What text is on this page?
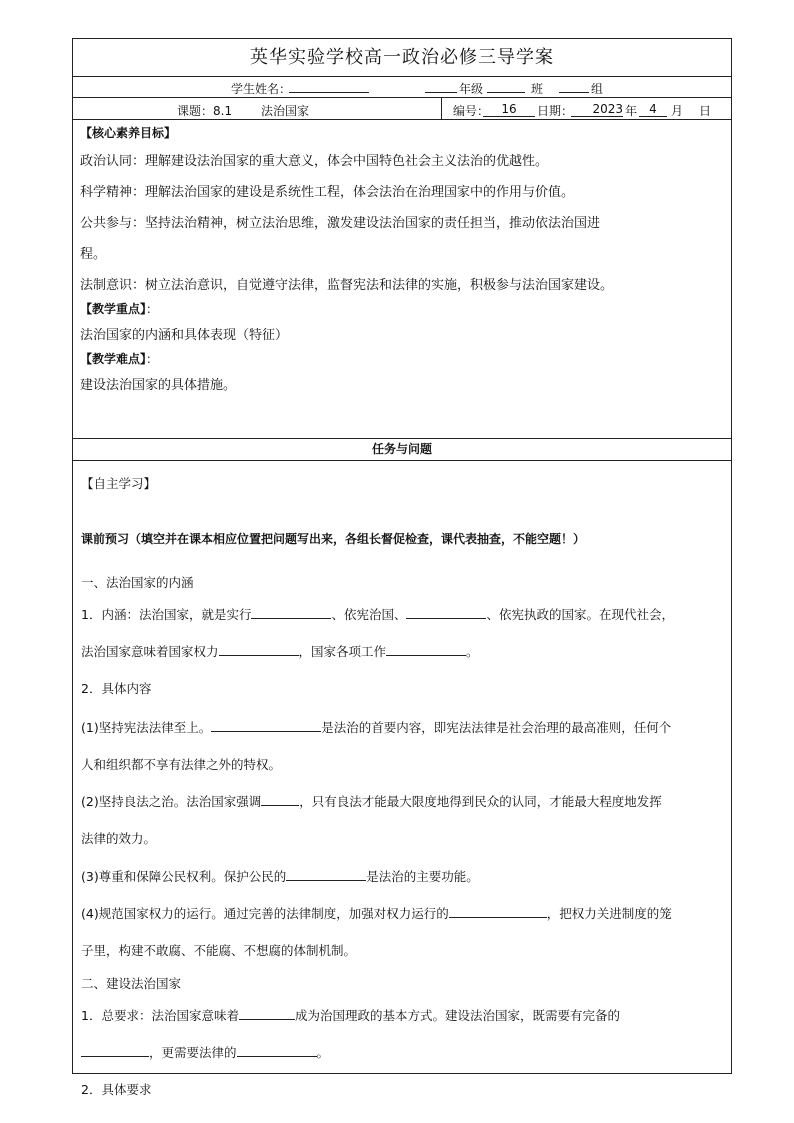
英华实验学校高一政治必修三导学案
学生姓名：	年级	班	组
课题：8.1 法治国家	编号：	16	日期：	2023 年	4	月 日
【核心素养目标】
政治认同：理解建设法治国家的重大意义，体会中国特色社会主义法治的优越性。
科学精神：理解法治国家的建设是系统性工程，体会法治在治理国家中的作用与价值。
公共参与：坚持法治精神，树立法治思维，激发建设法治国家的责任担当，推动依法治国进
程。
法制意识：树立法治意识，自觉遵守法律，监督宪法和法律的实施，积极参与法治国家建设。
【教学重点】：
法治国家的内涵和具体表现（特征）
【教学难点】：
建设法治国家的具体措施。
任务与问题
【自主学习】
课前预习（填空并在课本相应位置把问题写出来，各组长督促检查，课代表抽查，不能空题！）
一、法治国家的内涵
1．内涵：法治国家，就是实行	、依宪治国、	、依宪执政的国家。在现代社会，
法治国家意味着国家权力	，国家各项工作	。
2．具体内容
(1)坚持宪法法律至上。	是法治的首要内容，即宪法法律是社会治理的最高准则，任何个
人和组织都不享有法律之外的特权。
(2)坚持良法之治。法治国家强调	，只有良法才能最大限度地得到民众的认同，才能最大程度地发挥
法律的效力。
(3)尊重和保障公民权利。保护公民的	是法治的主要功能。
(4)规范国家权力的运行。通过完善的法律制度，加强对权力运行的	，把权力关进制度的笼
子里，构建不敢腐、不能腐、不想腐的体制机制。
二、建设法治国家
1．总要求：法治国家意味着	成为治国理政的基本方式。建设法治国家，既需要有完备的
，更需要法律的	。
2．具体要求
